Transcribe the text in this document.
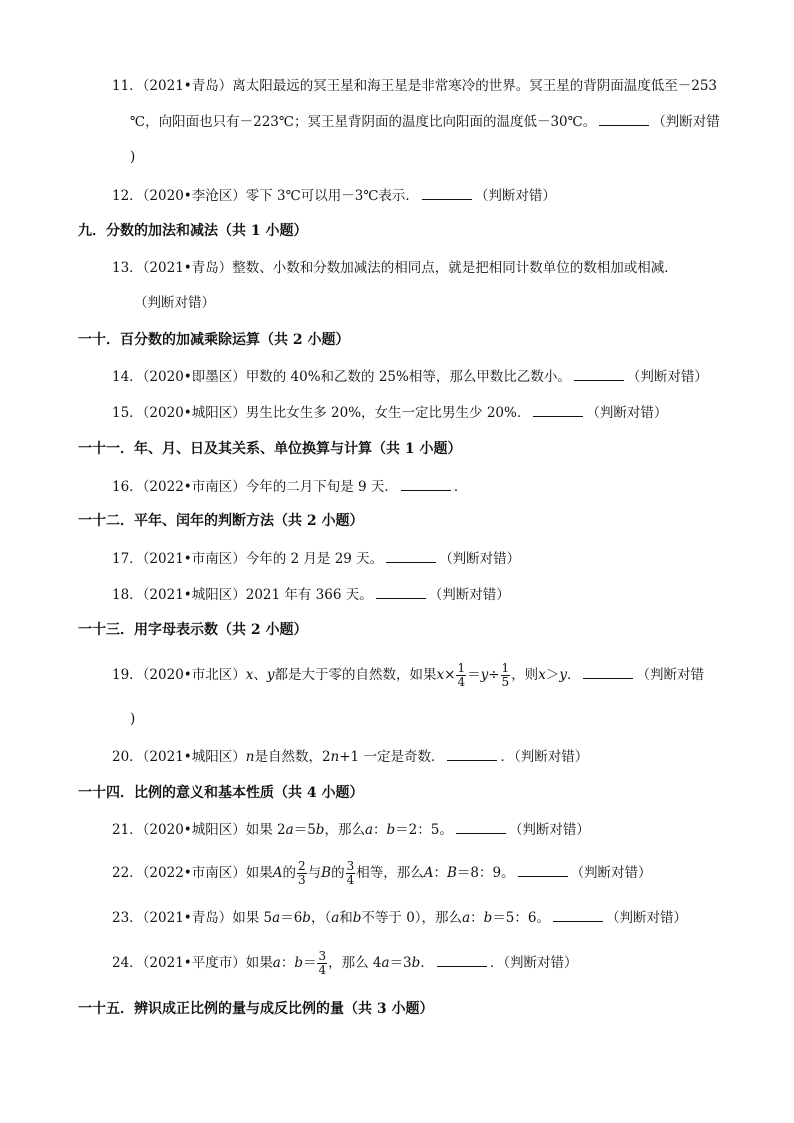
11．（2021•青岛）离太阳最远的冥王星和海王星是非常寒冷的世界。冥王星的背阴面温度低至－253
℃，向阳面也只有－223℃；冥王星背阴面的温度比向阳面的温度低－30℃。	（判断对错
)
12．（2020•李沧区）零下 3℃可以用－3℃表示．	（判断对错）
九．分数的加法和减法（共 1 小题）
13．（2021•青岛）整数、小数和分数加减法的相同点，就是把相同计数单位的数相加或相减．
（判断对错）
一十．百分数的加减乘除运算（共 2 小题）
14．（2020•即墨区）甲数的 40%和乙数的 25%相等，那么甲数比乙数小。	（判断对错）
15．（2020•城阳区）男生比女生多 20%，女生一定比男生少 20%．	（判断对错）
一十一．年、月、日及其关系、单位换算与计算（共 1 小题）
16．（2022•市南区）今年的二月下旬是 9 天．	．
一十二．平年、闰年的判断方法（共 2 小题）
17．（2021•市南区）今年的 2 月是 29 天。	（判断对错）
18．（2021•城阳区）2021 年有 366 天。	（判断对错）
一十三．用字母表示数（共 2 小题）
19．（2020•市北区）x、y都是大于零的自然数，如果$x\times \frac{1}{4} =y\div \frac{1}{5}$ ，则x＞y．	（判断对错
)
20．（2021•城阳区）n是自然数，2n+1 一定是奇数．	．（判断对错）
一十四．比例的意义和基本性质（共 4 小题）
21．（2020•城阳区）如果 2a＝5b，那么a：b＝2：5。	（判断对错）
22．（2022•市南区）如果A的 $\frac{2}{3}$ 与B的 $\frac{3}{4}$ 相等，那么A：B＝8：9。	（判断对错）
23．（2021•青岛）如果 5a＝6b，（a和b不等于 0），那么a：b＝5：6。	（判断对错）
24．（2021•平度市）如果a：$b= \frac{3}{4}$ ，那么 4a＝3b．	．（判断对错）
一十五．辨识成正比例的量与成反比例的量（共 3 小题）
